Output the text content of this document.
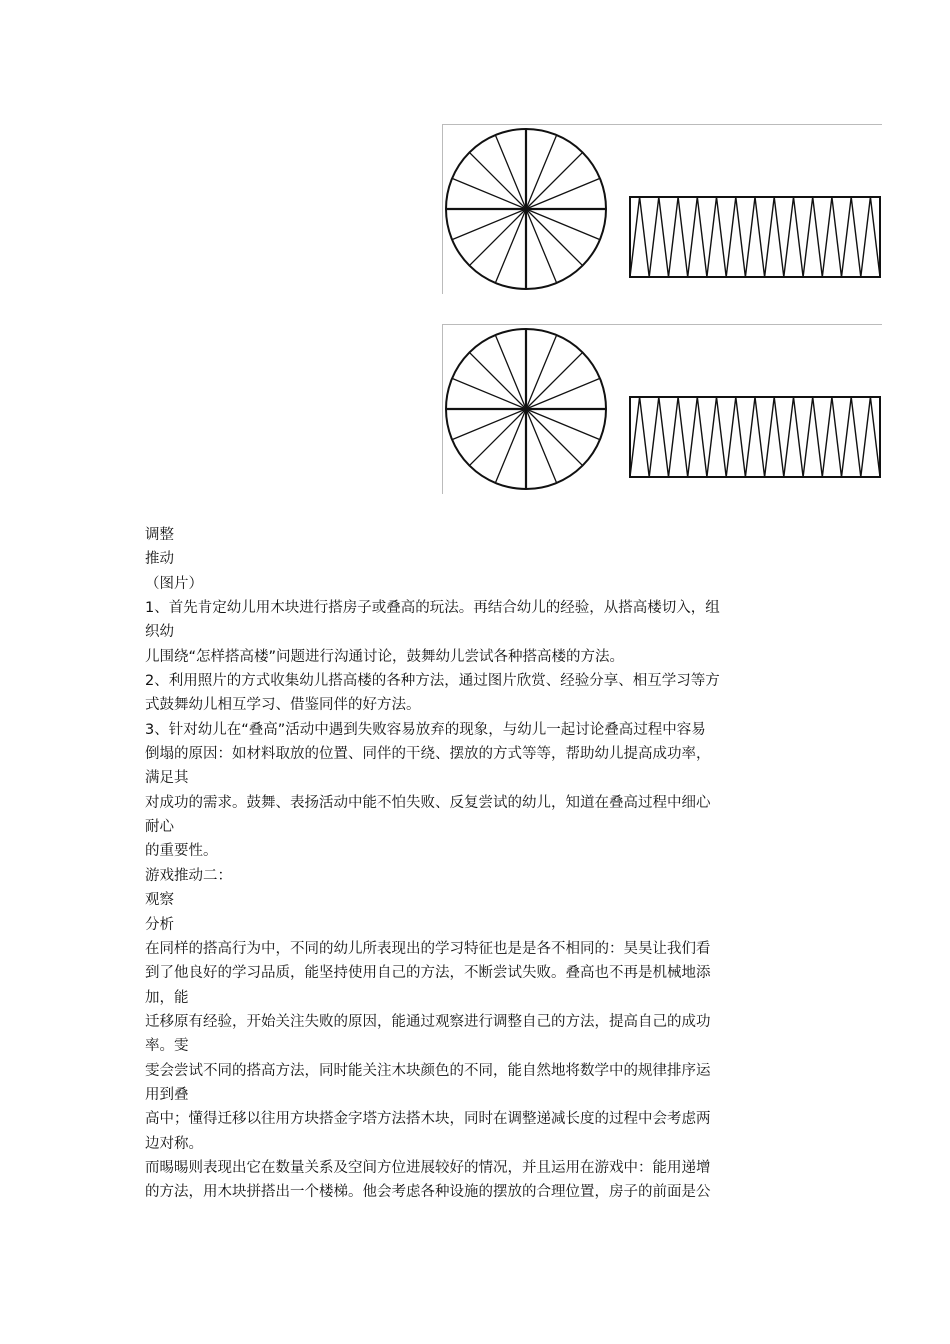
调整
推动
（图片）
1、首先肯定幼儿用木块进行搭房子或叠高的玩法。再结合幼儿的经验，从搭高楼切入，组
织幼
儿围绕“怎样搭高楼”问题进行沟通讨论，鼓舞幼儿尝试各种搭高楼的方法。
2、利用照片的方式收集幼儿搭高楼的各种方法，通过图片欣赏、经验分享、相互学习等方
式鼓舞幼儿相互学习、借鉴同伴的好方法。
3、针对幼儿在“叠高”活动中遇到失败容易放弃的现象，与幼儿一起讨论叠高过程中容易
倒塌的原因：如材料取放的位置、同伴的干绕、摆放的方式等等，帮助幼儿提高成功率，
满足其
对成功的需求。鼓舞、表扬活动中能不怕失败、反复尝试的幼儿，知道在叠高过程中细心
耐心
的重要性。
游戏推动二：
观察
分析
在同样的搭高行为中，不同的幼儿所表现出的学习特征也是是各不相同的：昊昊让我们看
到了他良好的学习品质，能坚持使用自己的方法，不断尝试失败。叠高也不再是机械地添
加，能
迁移原有经验，开始关注失败的原因，能通过观察进行调整自己的方法，提高自己的成功
率。雯
雯会尝试不同的搭高方法，同时能关注木块颜色的不同，能自然地将数学中的规律排序运
用到叠
高中；懂得迁移以往用方块搭金字塔方法搭木块，同时在调整递减长度的过程中会考虑两
边对称。
而晹晹则表现出它在数量关系及空间方位进展较好的情况，并且运用在游戏中：能用递增
的方法，用木块拼搭出一个楼梯。他会考虑各种设施的摆放的合理位置，房子的前面是公
